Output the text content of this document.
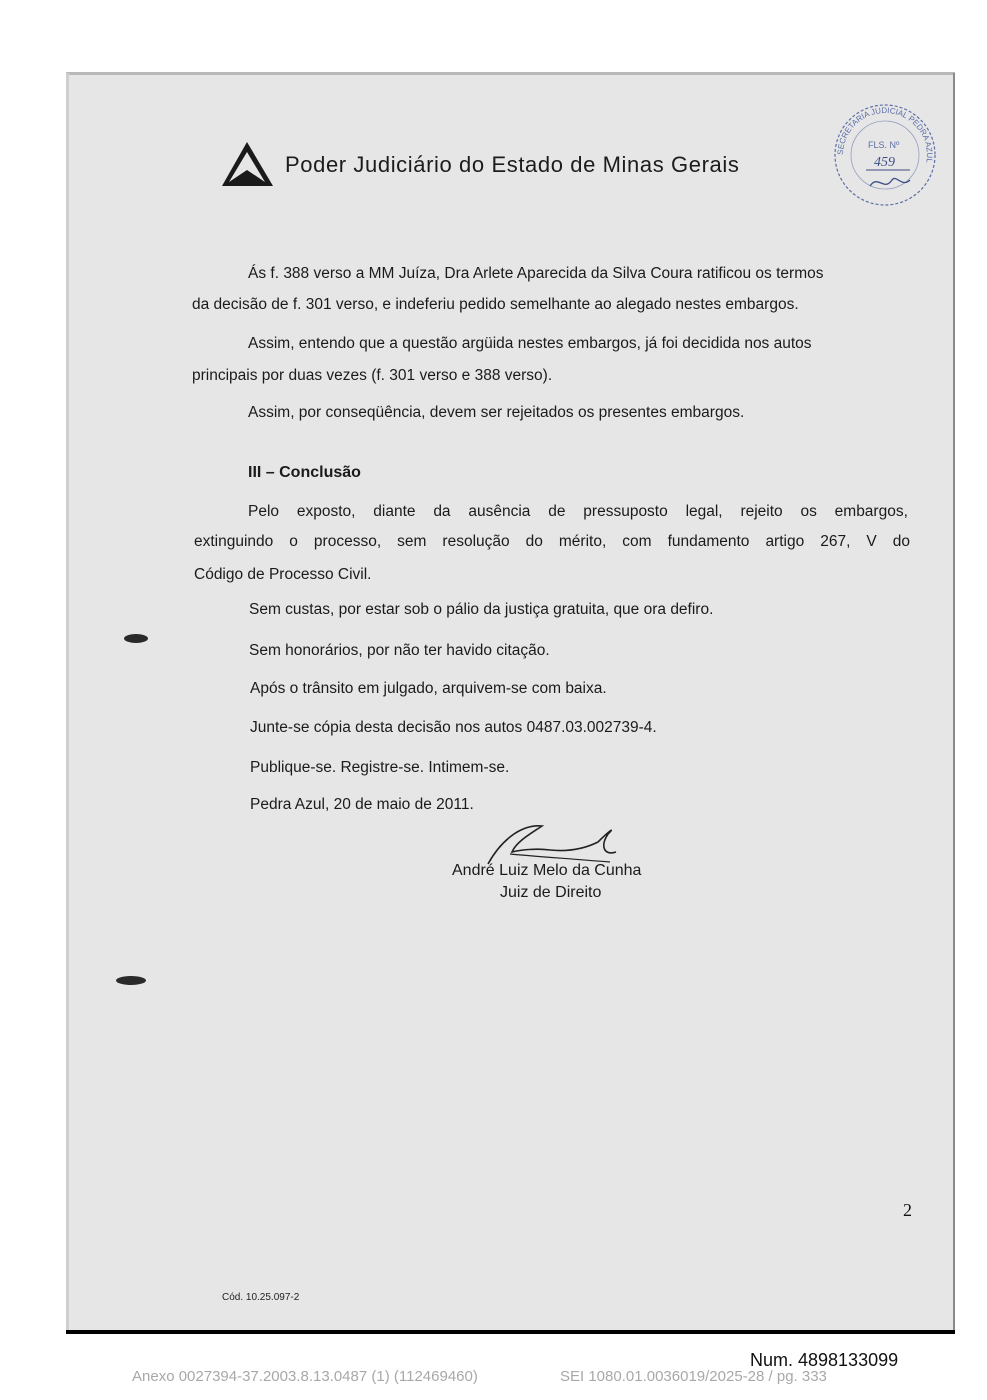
Poder Judiciário do Estado de Minas Gerais	SECRETARIA JUDICIAL PEDRA AZUL
FLS. Nº
459
Ás f. 388 verso a MM Juíza, Dra Arlete Aparecida da Silva Coura ratificou os termos
da decisão de f. 301 verso, e indeferiu pedido semelhante ao alegado nestes embargos.
Assim, entendo que a questão argüida nestes embargos, já foi decidida nos autos
principais por duas vezes (f. 301 verso e 388 verso).
Assim, por conseqüência, devem ser rejeitados os presentes embargos.
III – Conclusão
Pelo exposto, diante da ausência de pressuposto legal, rejeito os embargos,
extinguindo o processo, sem resolução do mérito, com fundamento artigo 267, V do
Código de Processo Civil.
Sem custas, por estar sob o pálio da justiça gratuita, que ora defiro.
Sem honorários, por não ter havido citação.
Após o trânsito em julgado, arquivem-se com baixa.
Junte-se cópia desta decisão nos autos 0487.03.002739-4.
Publique-se. Registre-se. Intimem-se.
Pedra Azul, 20 de maio de 2011.
André Luiz Melo da Cunha
Juiz de Direito
2
Cód. 10.25.097-2
Num. 4898133099
Anexo 0027394-37.2003.8.13.0487 (1) (112469460)	SEI 1080.01.0036019/2025-28 / pg. 333
